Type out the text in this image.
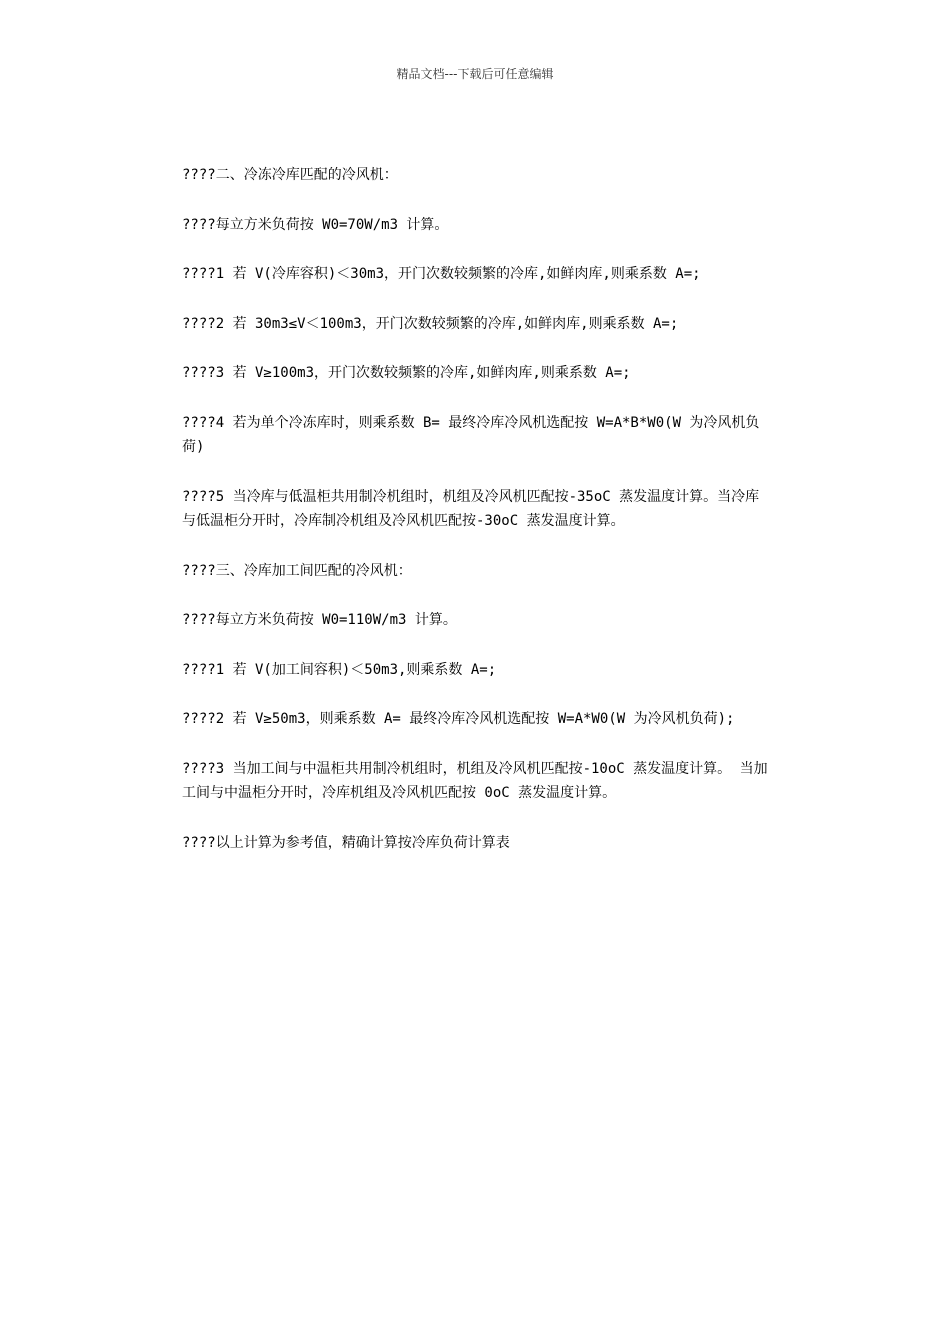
精品文档---下载后可任意编辑

????二、冷冻冷库匹配的冷风机：

????每立方米负荷按 W0=70W/m3 计算。

????1 若 V(冷库容积)＜30m3，开门次数较频繁的冷库,如鲜肉库,则乘系数 A=;

????2 若 30m3≤V＜100m3，开门次数较频繁的冷库,如鲜肉库,则乘系数 A=;

????3 若 V≥100m3，开门次数较频繁的冷库,如鲜肉库,则乘系数 A=;

????4 若为单个冷冻库时，则乘系数 B= 最终冷库冷风机选配按 W=A*B*W0(W 为冷风机负荷)

????5 当冷库与低温柜共用制冷机组时，机组及冷风机匹配按-35oC 蒸发温度计算。当冷库与低温柜分开时，冷库制冷机组及冷风机匹配按-30oC 蒸发温度计算。

????三、冷库加工间匹配的冷风机：

????每立方米负荷按 W0=110W/m3 计算。

????1 若 V(加工间容积)＜50m3,则乘系数 A=;

????2 若 V≥50m3，则乘系数 A= 最终冷库冷风机选配按 W=A*W0(W 为冷风机负荷);

????3 当加工间与中温柜共用制冷机组时，机组及冷风机匹配按-10oC 蒸发温度计算。 当加工间与中温柜分开时，冷库机组及冷风机匹配按 0oC 蒸发温度计算。

????以上计算为参考值，精确计算按冷库负荷计算表
